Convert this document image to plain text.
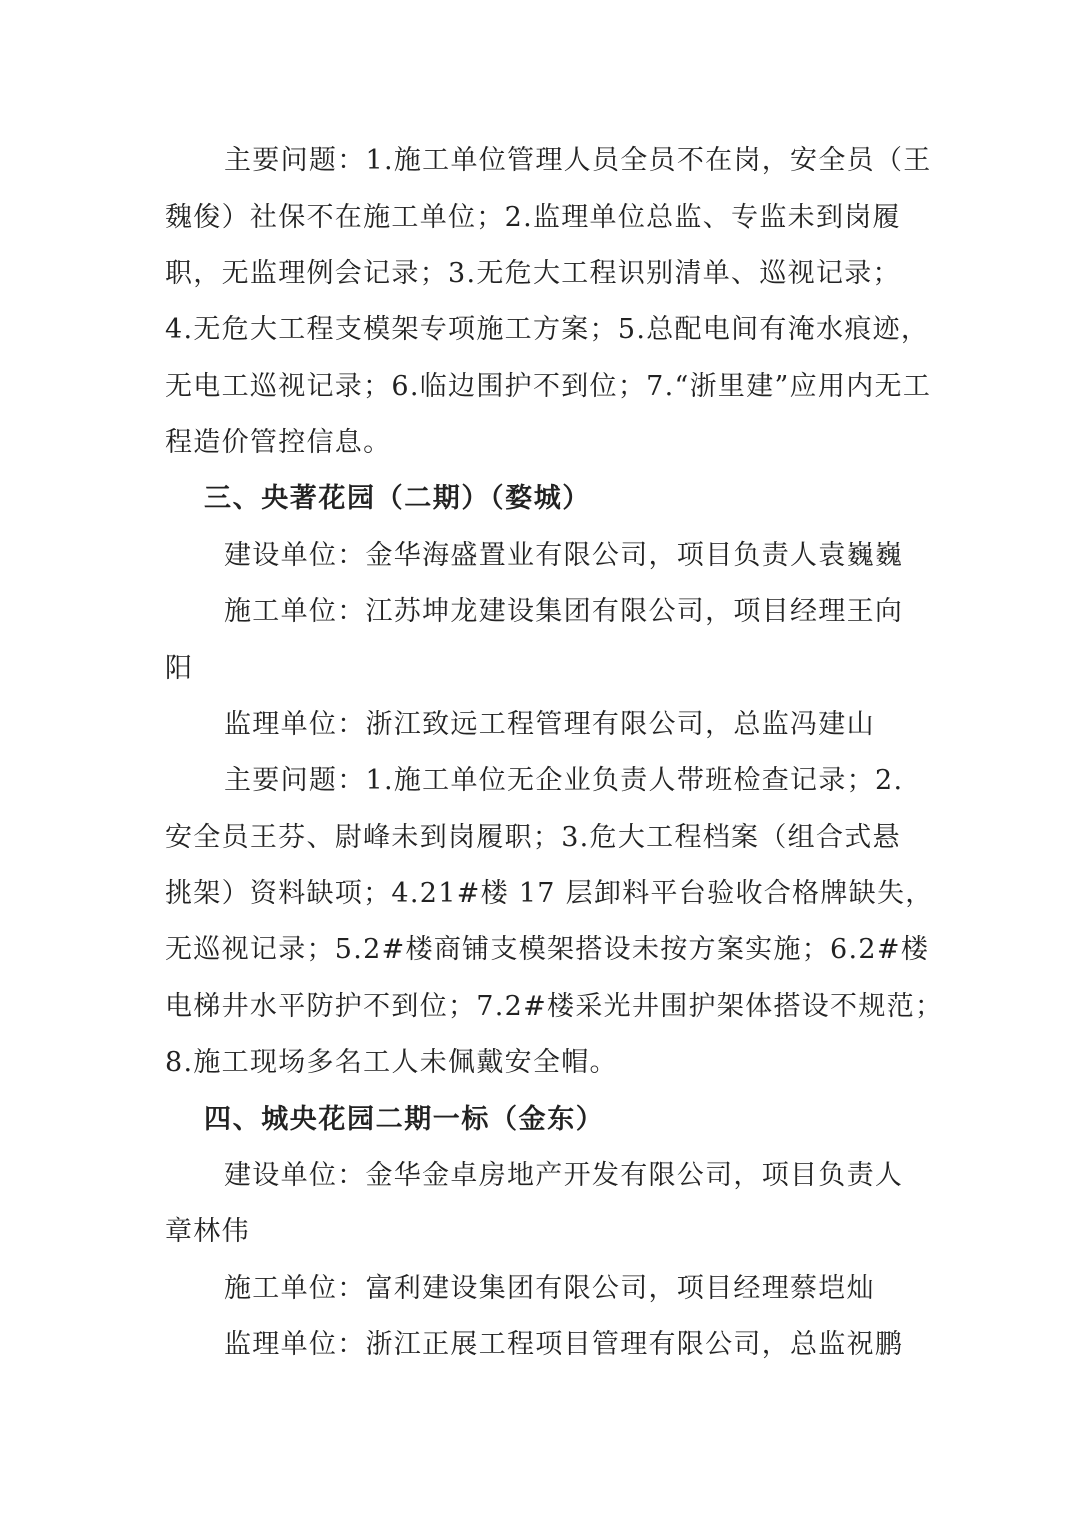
主要问题：1.施工单位管理人员全员不在岗，安全员（王
魏俊）社保不在施工单位；2.监理单位总监、专监未到岗履
职，无监理例会记录；3.无危大工程识别清单、巡视记录；
4.无危大工程支模架专项施工方案；5.总配电间有淹水痕迹，
无电工巡视记录；6.临边围护不到位；7.“浙里建”应用内无工
程造价管控信息。
三、央著花园（二期）（婺城）
建设单位：金华海盛置业有限公司，项目负责人袁巍巍
施工单位：江苏坤龙建设集团有限公司，项目经理王向
阳
监理单位：浙江致远工程管理有限公司，总监冯建山
主要问题：1.施工单位无企业负责人带班检查记录；2.
安全员王芬、尉峰未到岗履职；3.危大工程档案（组合式悬
挑架）资料缺项；4.21#楼 17 层卸料平台验收合格牌缺失，
无巡视记录；5.2#楼商铺支模架搭设未按方案实施；6.2#楼
电梯井水平防护不到位；7.2#楼采光井围护架体搭设不规范；
8.施工现场多名工人未佩戴安全帽。
四、城央花园二期一标（金东）
建设单位：金华金卓房地产开发有限公司，项目负责人
章林伟
施工单位：富利建设集团有限公司，项目经理蔡垲灿
监理单位：浙江正展工程项目管理有限公司，总监祝鹏
